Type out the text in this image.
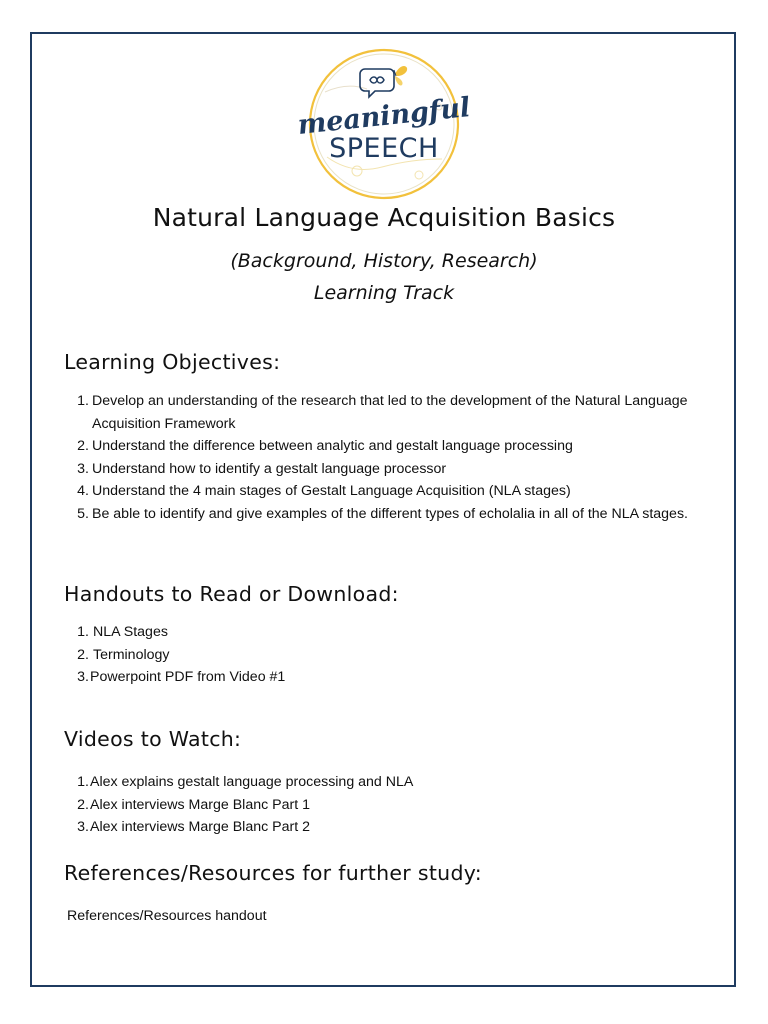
meaningful
SPEECH
Natural Language Acquisition Basics
(Background, History, Research)
Learning Track
Learning Objectives:
1. Develop an understanding of the research that led to the development of the Natural Language Acquisition Framework
2. Understand the difference between analytic and gestalt language processing
3. Understand how to identify a gestalt language processor
4. Understand the 4 main stages of Gestalt Language Acquisition (NLA stages)
5. Be able to identify and give examples of the different types of echolalia in all of the NLA stages.
Handouts to Read or Download:
1. NLA Stages
2. Terminology
3. Powerpoint PDF from Video #1
Videos to Watch:
1. Alex explains gestalt language processing and NLA
2. Alex interviews Marge Blanc Part 1
3. Alex interviews Marge Blanc Part 2
References/Resources for further study:
References/Resources handout
